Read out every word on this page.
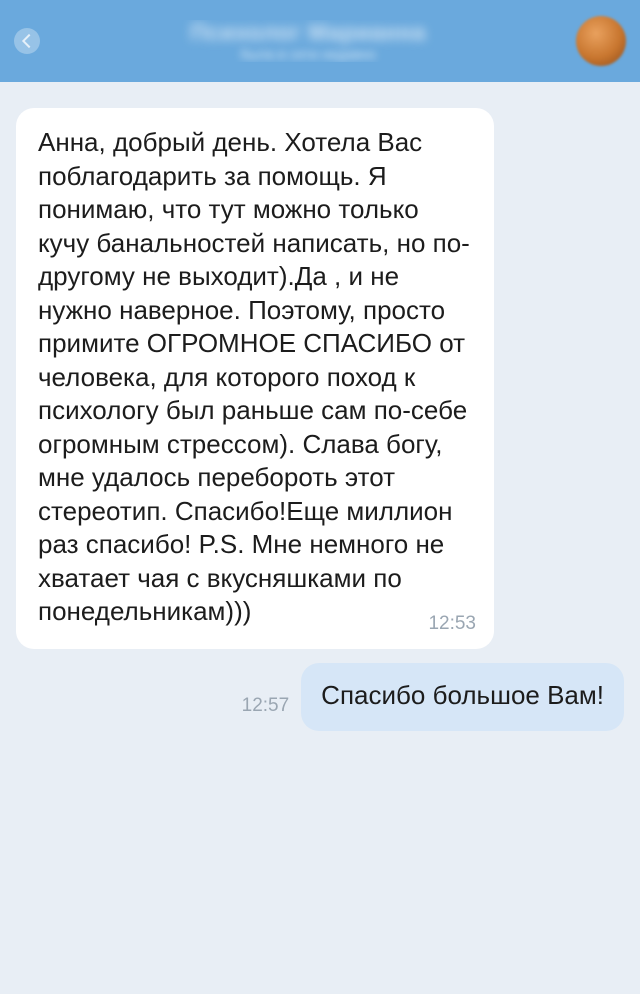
Психолог Марианна
была в сети недавно
Анна, добрый день. Хотела Вас поблагодарить за помощь. Я понимаю, что тут можно только кучу банальностей написать, но по-другому не выходит).Да , и не нужно наверное. Поэтому, просто примите ОГРОМНОЕ СПАСИБО от человека, для которого поход к психологу был раньше сам по-себе огромным стрессом). Слава богу, мне удалось перебороть этот стереотип. Спасибо!Еще миллион раз спасибо! P.S. Мне немного не хватает чая с вкусняшками по понедельникам)))	12:53
12:57 Спасибо большое Вам!
